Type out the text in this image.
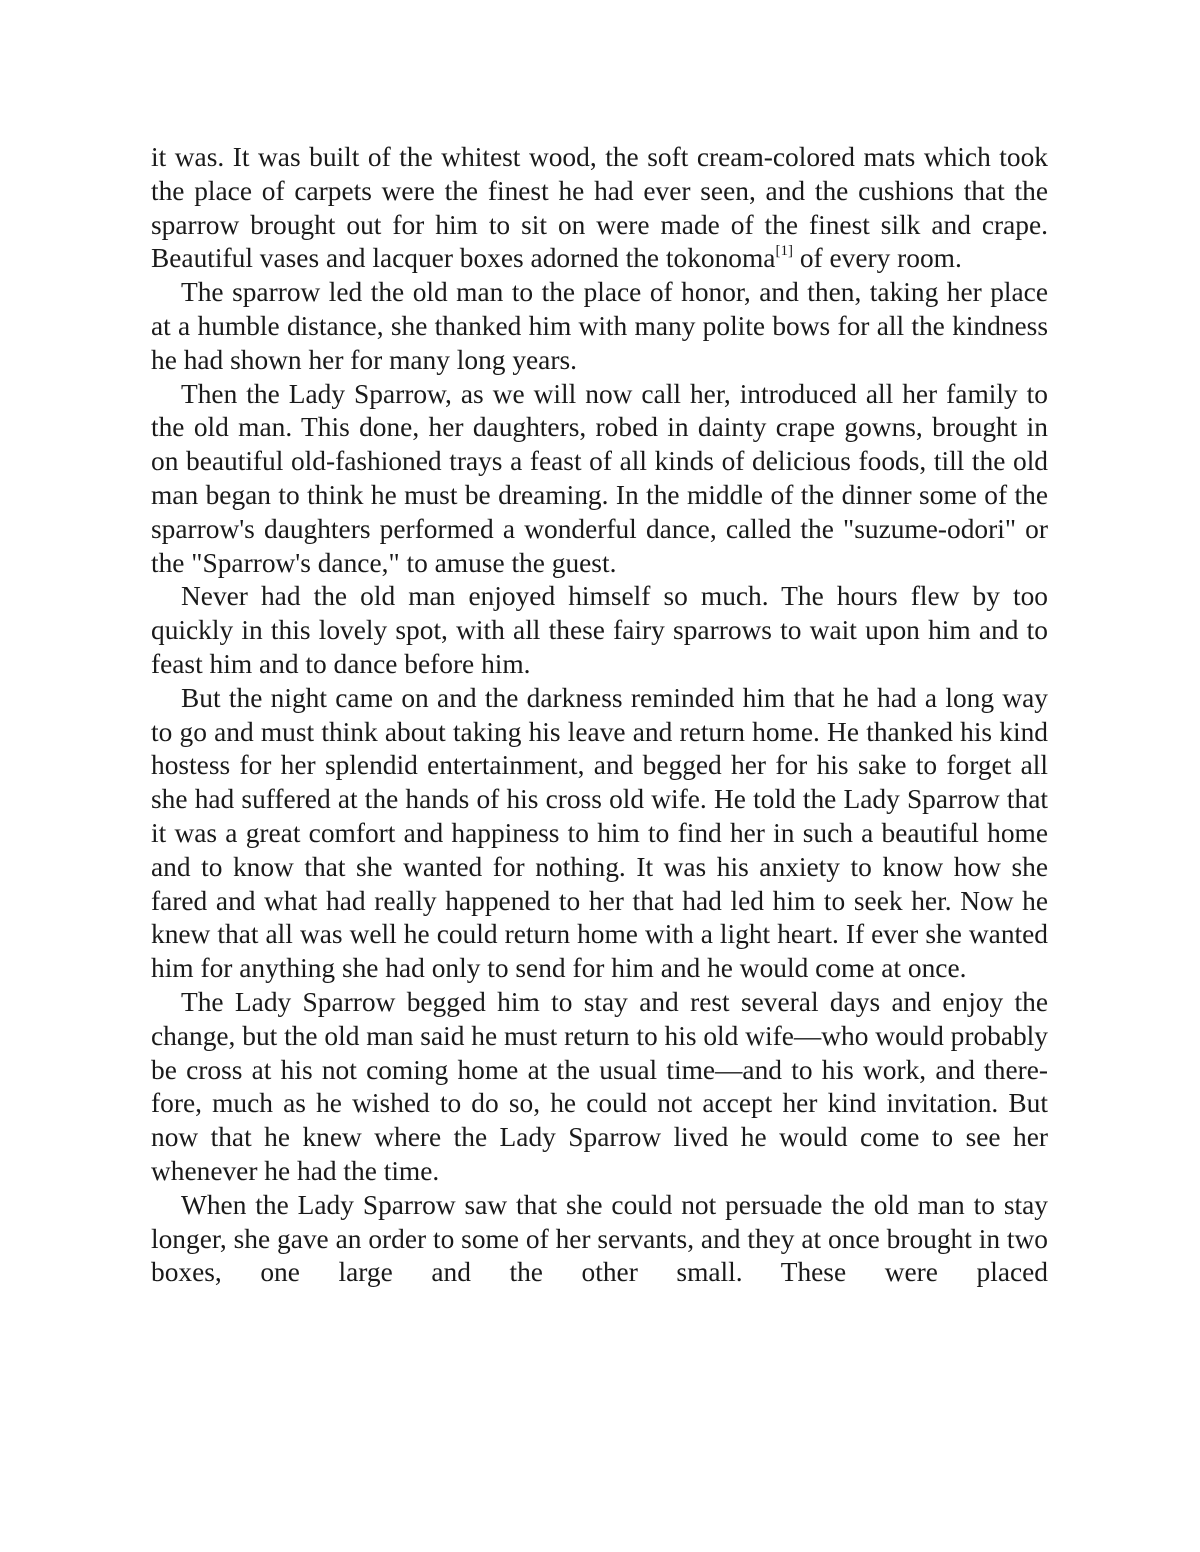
it was. It was built of the whitest wood, the soft cream-colored mats which took the place of carpets were the finest he had ever seen, and the cushions that the sparrow brought out for him to sit on were made of the finest silk and crape. Beautiful vases and lacquer boxes adorned the tokonoma[1] of every room.

The sparrow led the old man to the place of honor, and then, taking her place at a humble distance, she thanked him with many polite bows for all the kindness he had shown her for many long years.

Then the Lady Sparrow, as we will now call her, introduced all her family to the old man. This done, her daughters, robed in dainty crape gowns, brought in on beautiful old-fashioned trays a feast of all kinds of delicious foods, till the old man began to think he must be dreaming. In the middle of the dinner some of the sparrow's daughters performed a wonderful dance, called the "suzume-odori" or the "Sparrow's dance," to amuse the guest.

Never had the old man enjoyed himself so much. The hours flew by too quickly in this lovely spot, with all these fairy sparrows to wait upon him and to feast him and to dance before him.

But the night came on and the darkness reminded him that he had a long way to go and must think about taking his leave and return home. He thanked his kind hostess for her splendid entertainment, and begged her for his sake to forget all she had suffered at the hands of his cross old wife. He told the Lady Sparrow that it was a great comfort and happiness to him to find her in such a beautiful home and to know that she wanted for nothing. It was his anxiety to know how she fared and what had really happened to her that had led him to seek her. Now he knew that all was well he could return home with a light heart. If ever she wanted him for anything she had only to send for him and he would come at once.

The Lady Sparrow begged him to stay and rest several days and enjoy the change, but the old man said he must return to his old wife—who would probably be cross at his not coming home at the usual time—and to his work, and there-fore, much as he wished to do so, he could not accept her kind invitation. But now that he knew where the Lady Sparrow lived he would come to see her whenever he had the time.

When the Lady Sparrow saw that she could not persuade the old man to stay longer, she gave an order to some of her servants, and they at once brought in two boxes, one large and the other small. These were placed
